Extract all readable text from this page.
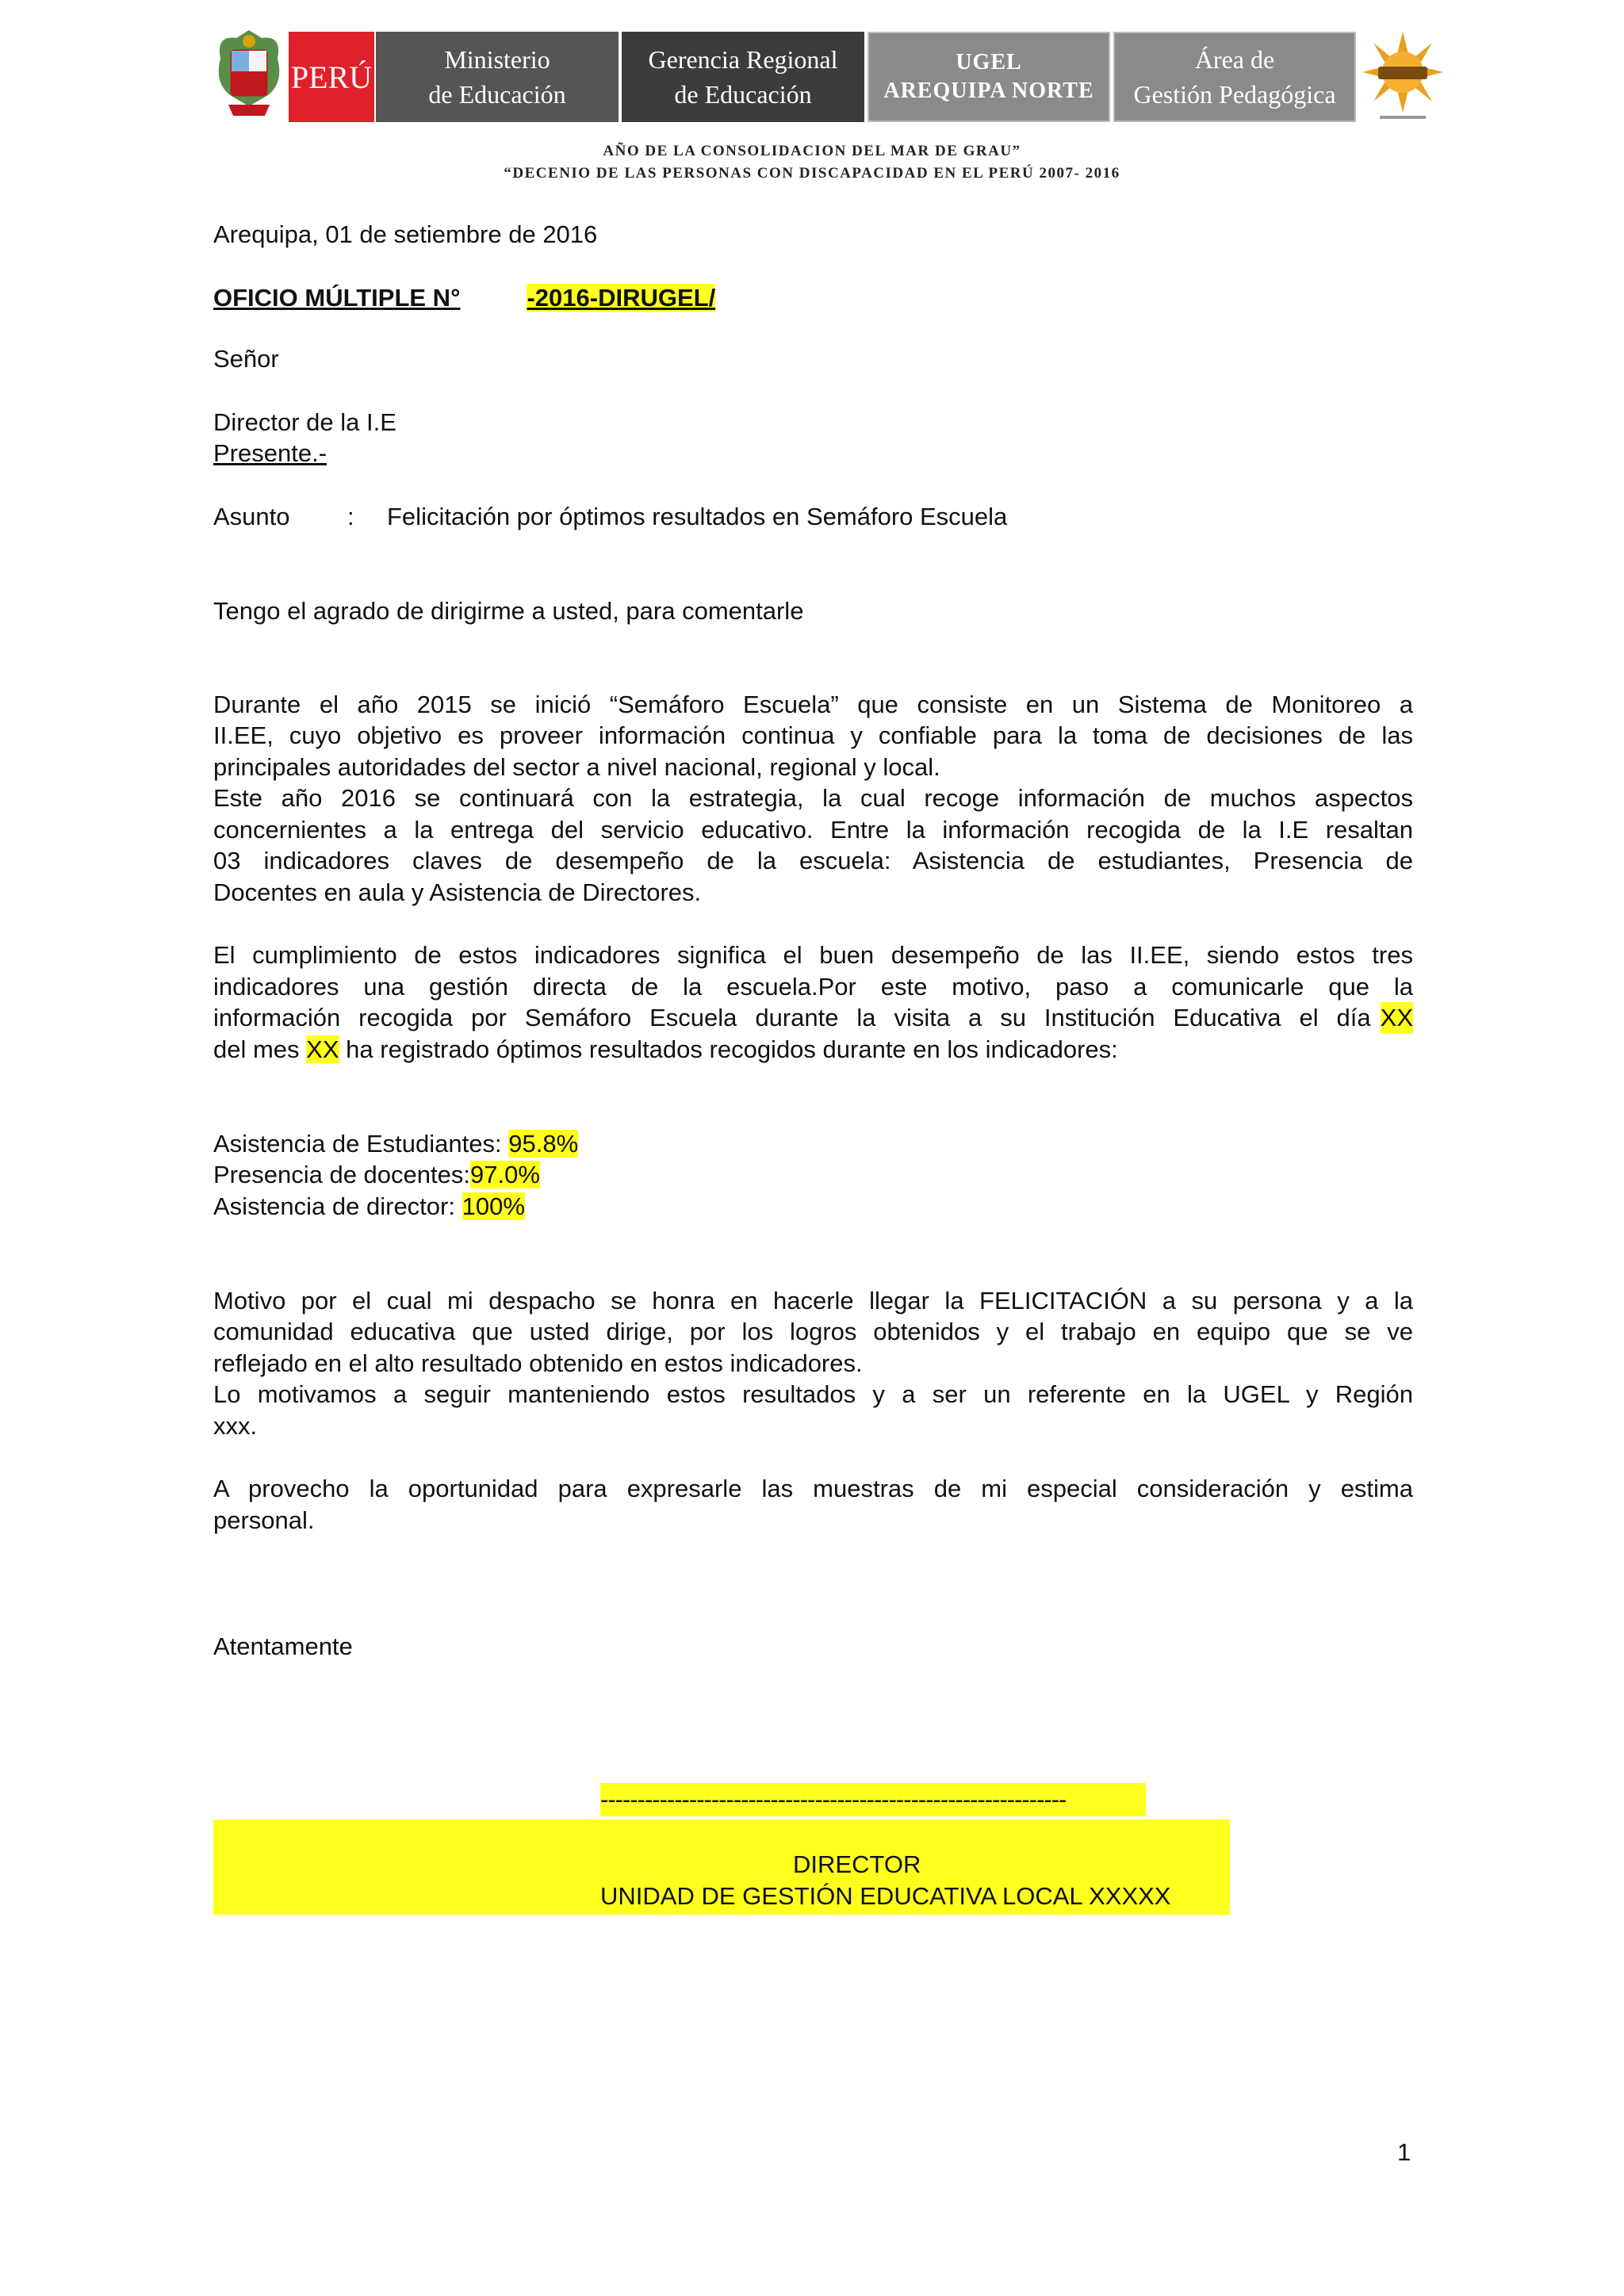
PERÚ	Ministerio
de Educación
Gerencia Regional
de Educación
UGEL
AREQUIPA NORTE
Área de
Gestión Pedagógica
AÑO DE LA CONSOLIDACION DEL MAR DE GRAU”
“DECENIO DE LAS PERSONAS CON DISCAPACIDAD EN EL PERÚ 2007- 2016
Arequipa, 01 de setiembre de 2016
OFICIO MÚLTIPLE N°	-2016-DIRUGEL/
Señor
Director de la I.E
Presente.-
Asunto : Felicitación por óptimos resultados en Semáforo Escuela
Tengo el agrado de dirigirme a usted, para comentarle
Durante el año 2015 se inició “Semáforo Escuela” que consiste en un Sistema de Monitoreo a
II.EE, cuyo objetivo es proveer información continua y confiable para la toma de decisiones de las
principales autoridades del sector a nivel nacional, regional y local.
Este año 2016 se continuará con la estrategia, la cual recoge información de muchos aspectos
concernientes a la entrega del servicio educativo. Entre la información recogida de la I.E resaltan
03 indicadores claves de desempeño de la escuela: Asistencia de estudiantes, Presencia de
Docentes en aula y Asistencia de Directores.
El cumplimiento de estos indicadores significa el buen desempeño de las II.EE, siendo estos tres
indicadores una gestión directa de la escuela.Por este motivo, paso a comunicarle que la
información recogida por Semáforo Escuela durante la visita a su Institución Educativa el día XX
del mes XX ha registrado óptimos resultados recogidos durante en los indicadores:
Asistencia de Estudiantes: 95.8%
Presencia de docentes:97.0%
Asistencia de director: 100%
Motivo por el cual mi despacho se honra en hacerle llegar la FELICITACIÓN a su persona y a la
comunidad educativa que usted dirige, por los logros obtenidos y el trabajo en equipo que se ve
reflejado en el alto resultado obtenido en estos indicadores.
Lo motivamos a seguir manteniendo estos resultados y a ser un referente en la UGEL y Región
xxx.
A provecho la oportunidad para expresarle las muestras de mi especial consideración y estima
personal.
Atentamente
---------------------------------------------------------------
DIRECTOR
UNIDAD DE GESTIÓN EDUCATIVA LOCAL XXXXX
1
